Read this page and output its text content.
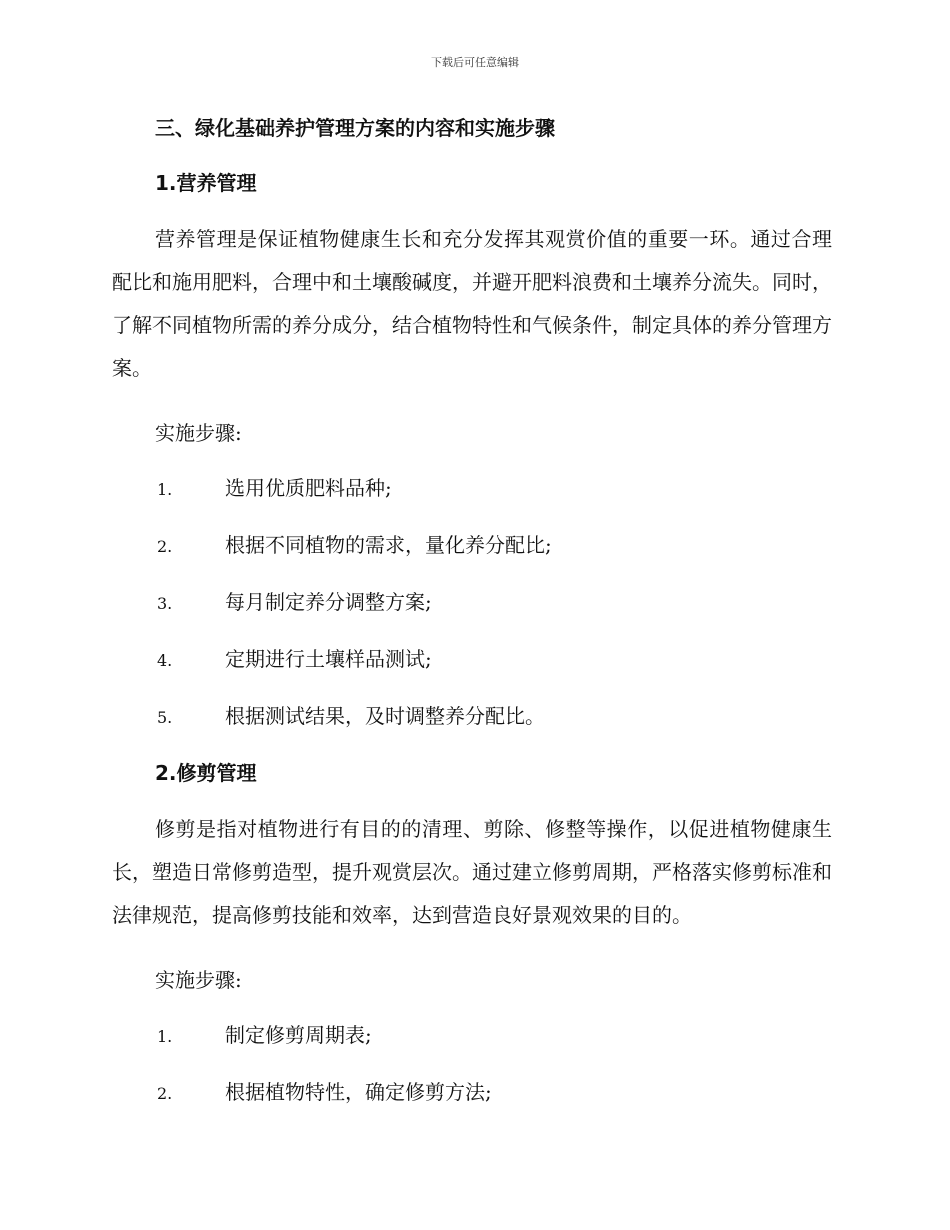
下载后可任意编辑
三、绿化基础养护管理方案的内容和实施步骤
1.营养管理

营养管理是保证植物健康生长和充分发挥其观赏价值的重要一环。通过合理配比和施用肥料，合理中和土壤酸碱度，并避开肥料浪费和土壤养分流失。同时，了解不同植物所需的养分成分，结合植物特性和气候条件，制定具体的养分管理方案。

实施步骤:
1.	选用优质肥料品种;
2.	根据不同植物的需求，量化养分配比;
3.	每月制定养分调整方案;
4.	定期进行土壤样品测试;
5.	根据测试结果，及时调整养分配比。
2.修剪管理

修剪是指对植物进行有目的的清理、剪除、修整等操作，以促进植物健康生长，塑造日常修剪造型，提升观赏层次。通过建立修剪周期，严格落实修剪标准和法律规范，提高修剪技能和效率，达到营造良好景观效果的目的。

实施步骤:
1.	制定修剪周期表;
2.	根据植物特性，确定修剪方法;
